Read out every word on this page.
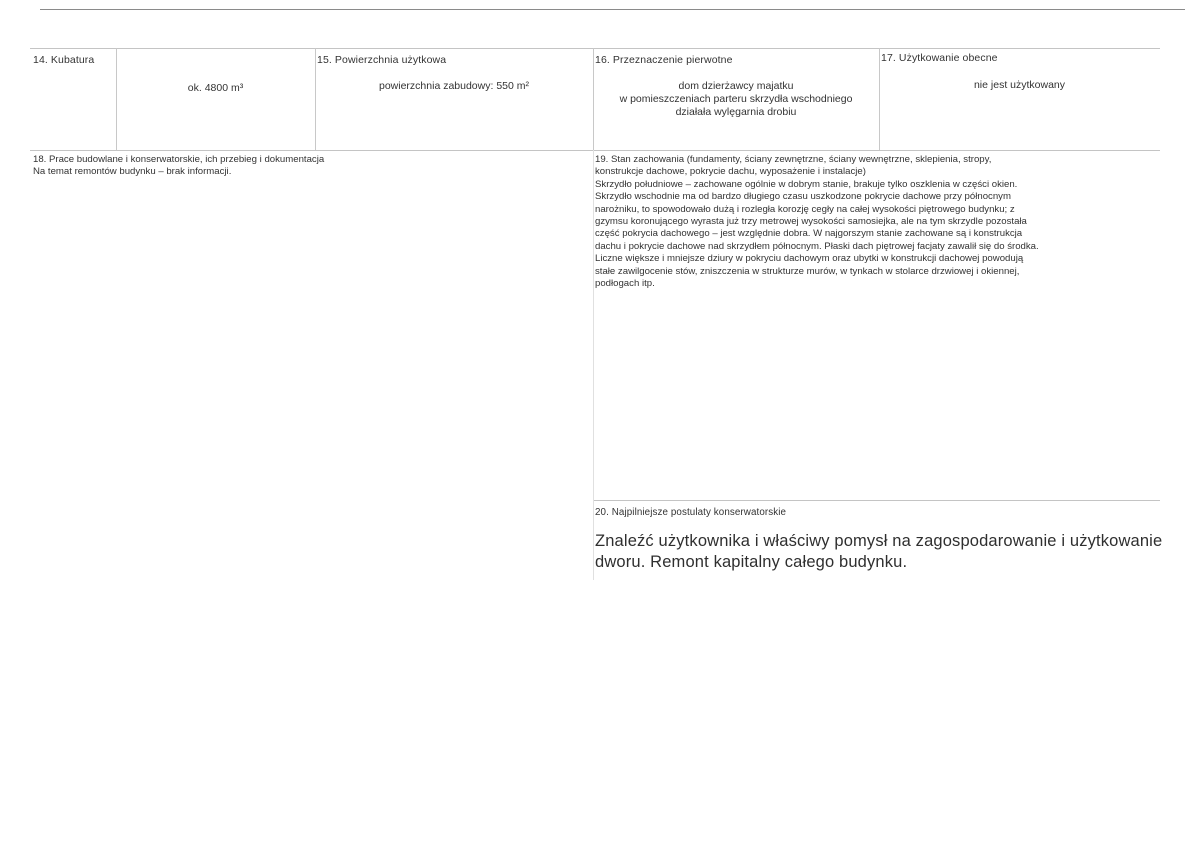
14. Kubatura
ok. 4800 m³
15. Powierzchnia użytkowa
powierzchnia zabudowy: 550 m²
16. Przeznaczenie pierwotne
dom dzierżawcy majatku
w pomieszczeniach parteru skrzydła wschodniego
działała wylęgarnia drobiu
17. Użytkowanie obecne
nie jest użytkowany
18. Prace budowlane i konserwatorskie, ich przebieg i dokumentacja
Na temat remontów budynku – brak informacji.
19. Stan zachowania (fundamenty, ściany zewnętrzne, ściany wewnętrzne, sklepienia, stropy,
konstrukcje dachowe, pokrycie dachu, wyposażenie i instalacje)
Skrzydło południowe – zachowane ogólnie w dobrym stanie, brakuje tylko oszklenia w części okien.
Skrzydło wschodnie ma od bardzo długiego czasu uszkodzone pokrycie dachowe przy północnym
narożniku, to spowodowało dużą i rozległa korozję cegły na całej wysokości piętrowego budynku; z
gzymsu koronującego wyrasta już trzy metrowej wysokości samosiejka, ale na tym skrzydle pozostała
część pokrycia dachowego – jest względnie dobra. W najgorszym stanie zachowane są i konstrukcja
dachu i pokrycie dachowe nad skrzydłem północnym. Płaski dach piętrowej facjaty zawalił się do środka.
Liczne większe i mniejsze dziury w pokryciu dachowym oraz ubytki w konstrukcji dachowej powodują
stałe zawilgocenie stów, zniszczenia w strukturze murów, w tynkach w stolarce drzwiowej i okiennej,
podłogach itp.
20. Najpilniejsze postulaty konserwatorskie
Znaleźć użytkownika i właściwy pomysł na zagospodarowanie i użytkowanie
dworu. Remont kapitalny całego budynku.
